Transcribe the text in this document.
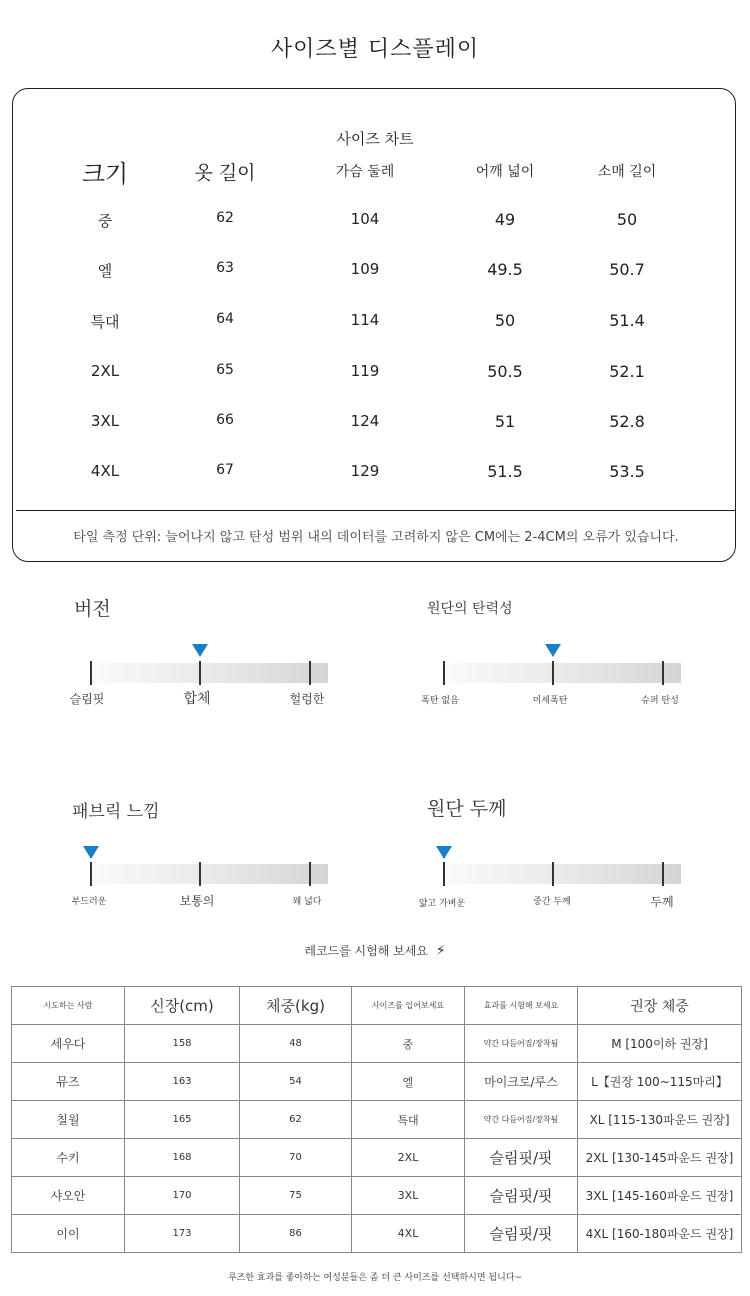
사이즈별 디스플레이
사이즈 차트
크기	옷 길이	가슴 둘레	어깨 넓이	소매 길이
중	62	104	49	50
엘	63	109	49.5	50.7
특대	64	114	50	51.4
2XL	65	119	50.5	52.1
3XL	66	124	51	52.8
4XL	67	129	51.5	53.5
타일 측정 단위: 늘어나지 않고 탄성 범위 내의 데이터를 고려하지 않은 CM에는 2-4CM의 오류가 있습니다.
버전
슬림핏	합체	헐렁한
원단의 탄력성
폭탄 없음	미세폭탄	슈퍼 탄성
패브릭 느낌
부드러운	보통의	꽤 넓다
원단 두께
얇고 가벼운	중간 두께	두께
레코드를 시험해 보세요 ⚡
시도하는 사람	신장(cm)	체중(kg)	사이즈를 입어보세요	효과를 시험해 보세요	권장 체중
세우다	158	48	중	약간 다듬어짐/장착됨	M [100이하 권장]
뮤즈	163	54	엘	마이크로/루스	L【권장 100~115마리】
칠월	165	62	특대	약간 다듬어짐/장착됨	XL [115-130파운드 권장]
수키	168	70	2XL	슬림핏/핏	2XL [130-145파운드 권장]
샤오안	170	75	3XL	슬림핏/핏	3XL [145-160파운드 권장]
이이	173	86	4XL	슬림핏/핏	4XL [160-180파운드 권장]
루즈한 효과를 좋아하는 여성분들은 좀 더 큰 사이즈를 선택하시면 됩니다~
